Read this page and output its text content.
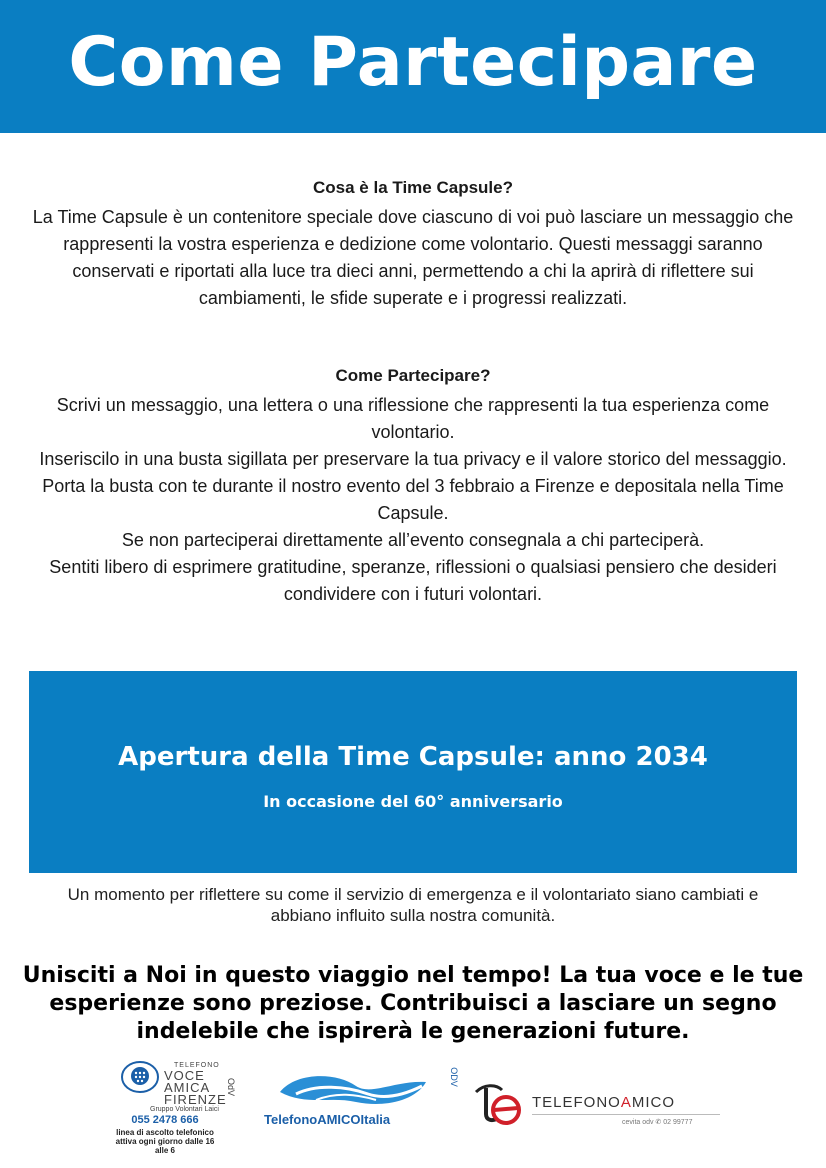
Come Partecipare
Cosa è la Time Capsule?
La Time Capsule è un contenitore speciale dove ciascuno di voi può lasciare un messaggio che rappresenti la vostra esperienza e dedizione come volontario. Questi messaggi saranno conservati e riportati alla luce tra dieci anni, permettendo a chi la aprirà di riflettere sui cambiamenti, le sfide superate e i progressi realizzati.
Come Partecipare?
Scrivi un messaggio, una lettera o una riflessione che rappresenti la tua esperienza come volontario.
Inseriscilo in una busta sigillata per preservare la tua privacy e il valore storico del messaggio.
Porta la busta con te durante il nostro evento del 3 febbraio a Firenze e depositala nella Time Capsule.
Se non parteciperai direttamente all’evento consegnala a chi parteciperà.
Sentiti libero di esprimere gratitudine, speranze, riflessioni o qualsiasi pensiero che desideri condividere con i futuri volontari.
Apertura della Time Capsule: anno 2034
In occasione del 60° anniversario
Un momento per riflettere su come il servizio di emergenza e il volontariato siano cambiati e abbiano influito sulla nostra comunità.
Unisciti a Noi in questo viaggio nel tempo! La tua voce e le tue esperienze sono preziose. Contribuisci a lasciare un segno indelebile che ispirerà le generazioni future.
TELEFONO
VOCE
AMICA
FIRENZE
OdV
Gruppo Volontari Laici
055 2478 666
linea di ascolto telefonico
attiva ogni giorno dalle 16 alle 6
ODV
TelefonoAMICOItalia
TELEFONOAMICO
cevita odv ✆ 02 99777
